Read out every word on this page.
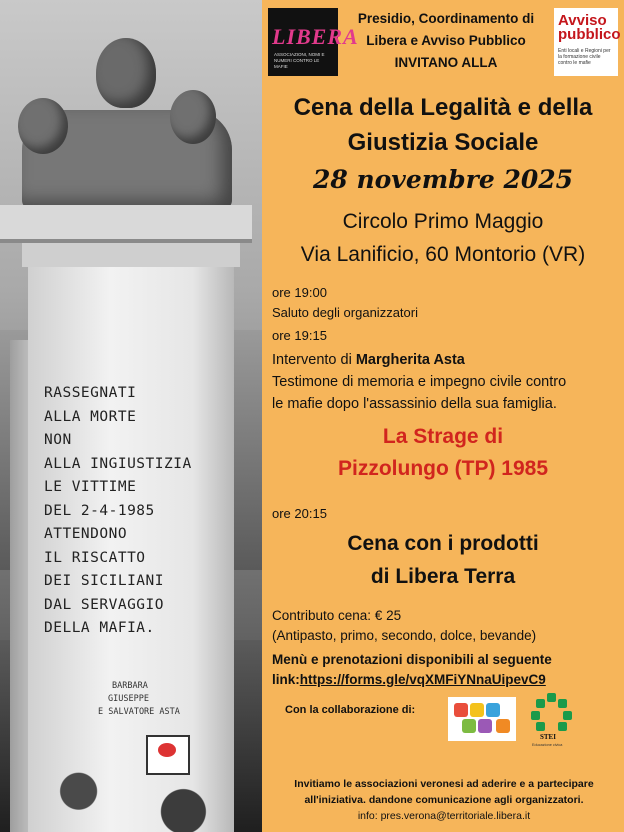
RASSEGNATI
ALLA MORTE
NON
ALLA INGIUSTIZIA
LE VITTIME
DEL 2-4-1985
ATTENDONO
IL RISCATTO
DEI SICILIANI
DAL SERVAGGIO
DELLA MAFIA.
BARBARA
GIUSEPPE
E SALVATORE ASTA
LIBERA
ASSOCIAZIONI, NOMI E NUMERI CONTRO LE MAFIE
Avviso
pubblico
Enti locali e Regioni per la formazione civile contro le mafie
Presidio, Coordinamento di
Libera e Avviso Pubblico
INVITANO ALLA
Cena della Legalità e della
Giustizia Sociale
28 novembre 2025
Circolo Primo Maggio
Via Lanificio, 60 Montorio (VR)
ore 19:00
Saluto degli organizzatori
ore 19:15
Intervento di Margherita Asta
Testimone di memoria e impegno civile contro
le mafie dopo l'assassinio della sua famiglia.
La Strage di
Pizzolungo (TP) 1985
ore 20:15
Cena con i prodotti
di Libera Terra
Contributo cena: € 25
(Antipasto, primo, secondo, dolce, bevande)
Menù e prenotazioni disponibili al seguente
link:https://forms.gle/vqXMFiYNnaUipevC9
Con la collaborazione di:
STEI
Educazione civica
Invitiamo le associazioni veronesi ad aderire e a partecipare
all'iniziativa. dandone comunicazione agli organizzatori.
info: pres.verona@territoriale.libera.it
